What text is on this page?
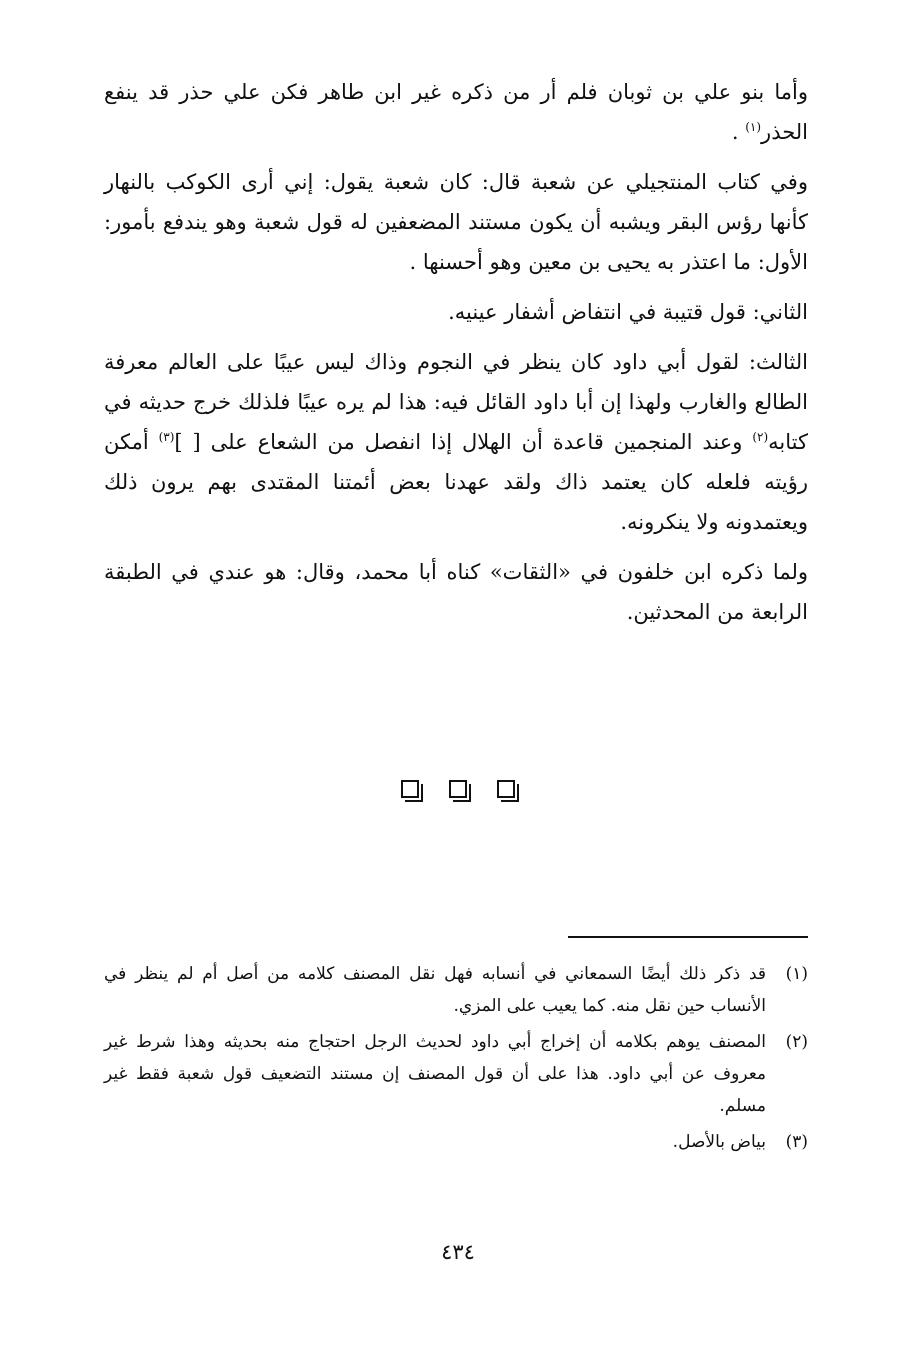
وأما بنو علي بن ثوبان فلم أر من ذكره غير ابن طاهر فكن علي حذر قد ينفع الحذر$^{(١)}$ .

وفي كتاب المنتجيلي عن شعبة قال: كان شعبة يقول: إني أرى الكوكب بالنهار كأنها رؤس البقر ويشبه أن يكون مستند المضعفين له قول شعبة وهو يندفع بأمور: الأول: ما اعتذر به يحيى بن معين وهو أحسنها .

الثاني: قول قتيبة في انتفاض أشفار عينيه.

الثالث: لقول أبي داود كان ينظر في النجوم وذاك ليس عيبًا على العالم معرفة الطالع والغارب ولهذا إن أبا داود القائل فيه: هذا لم يره عيبًا فلذلك خرج حديثه في كتابه$^{(٢)}$ وعند المنجمين قاعدة أن الهلال إذا انفصل من الشعاع على [ ]$^{(٣)}$ أمكن رؤيته فلعله كان يعتمد ذاك ولقد عهدنا بعض أئمتنا المقتدى بهم يرون ذلك ويعتمدونه ولا ينكرونه.

ولما ذكره ابن خلفون في «الثقات» كناه أبا محمد، وقال: هو عندي في الطبقة الرابعة من المحدثين.

(١)
قد ذكر ذلك أيضًا السمعاني في أنسابه فهل نقل المصنف كلامه من أصل أم لم ينظر في الأنساب حين نقل منه. كما يعيب على المزي.
(٢)
المصنف يوهم بكلامه أن إخراج أبي داود لحديث الرجل احتجاج منه بحديثه وهذا شرط غير معروف عن أبي داود. هذا على أن قول المصنف إن مستند التضعيف قول شعبة فقط غير مسلم.
(٣)
بياض بالأصل.
٤٣٤
